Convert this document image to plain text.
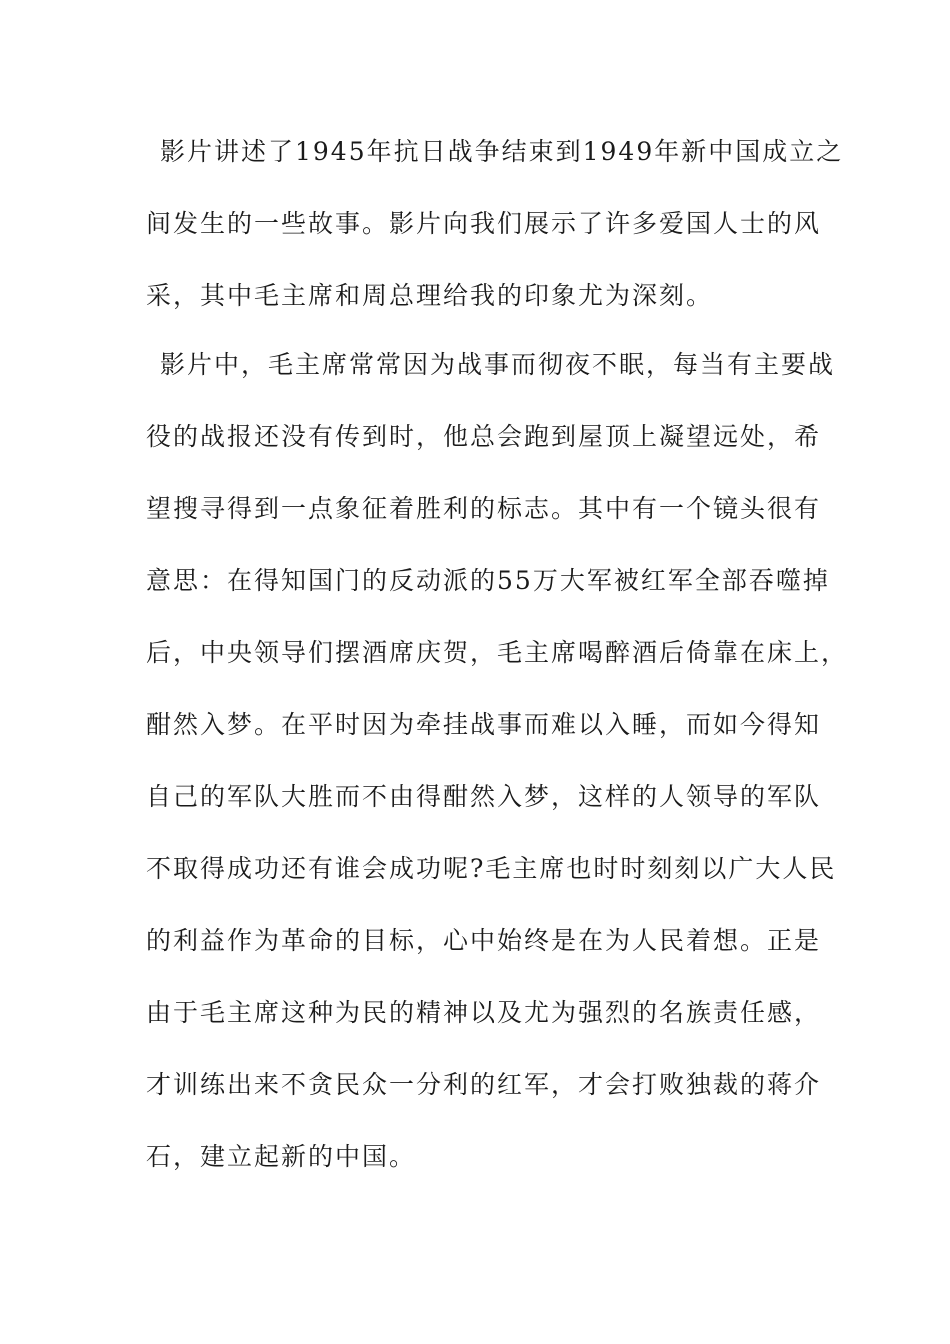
影片讲述了1945年抗日战争结束到1949年新中国成立之
间发生的一些故事。影片向我们展示了许多爱国人士的风
采，其中毛主席和周总理给我的印象尤为深刻。
影片中，毛主席常常因为战事而彻夜不眠，每当有主要战
役的战报还没有传到时，他总会跑到屋顶上凝望远处，希
望搜寻得到一点象征着胜利的标志。其中有一个镜头很有
意思：在得知国门的反动派的55万大军被红军全部吞噬掉
后，中央领导们摆酒席庆贺，毛主席喝醉酒后倚靠在床上，
酣然入梦。在平时因为牵挂战事而难以入睡，而如今得知
自己的军队大胜而不由得酣然入梦，这样的人领导的军队
不取得成功还有谁会成功呢?毛主席也时时刻刻以广大人民
的利益作为革命的目标，心中始终是在为人民着想。正是
由于毛主席这种为民的精神以及尤为强烈的名族责任感，
才训练出来不贪民众一分利的红军，才会打败独裁的蒋介
石，建立起新的中国。
